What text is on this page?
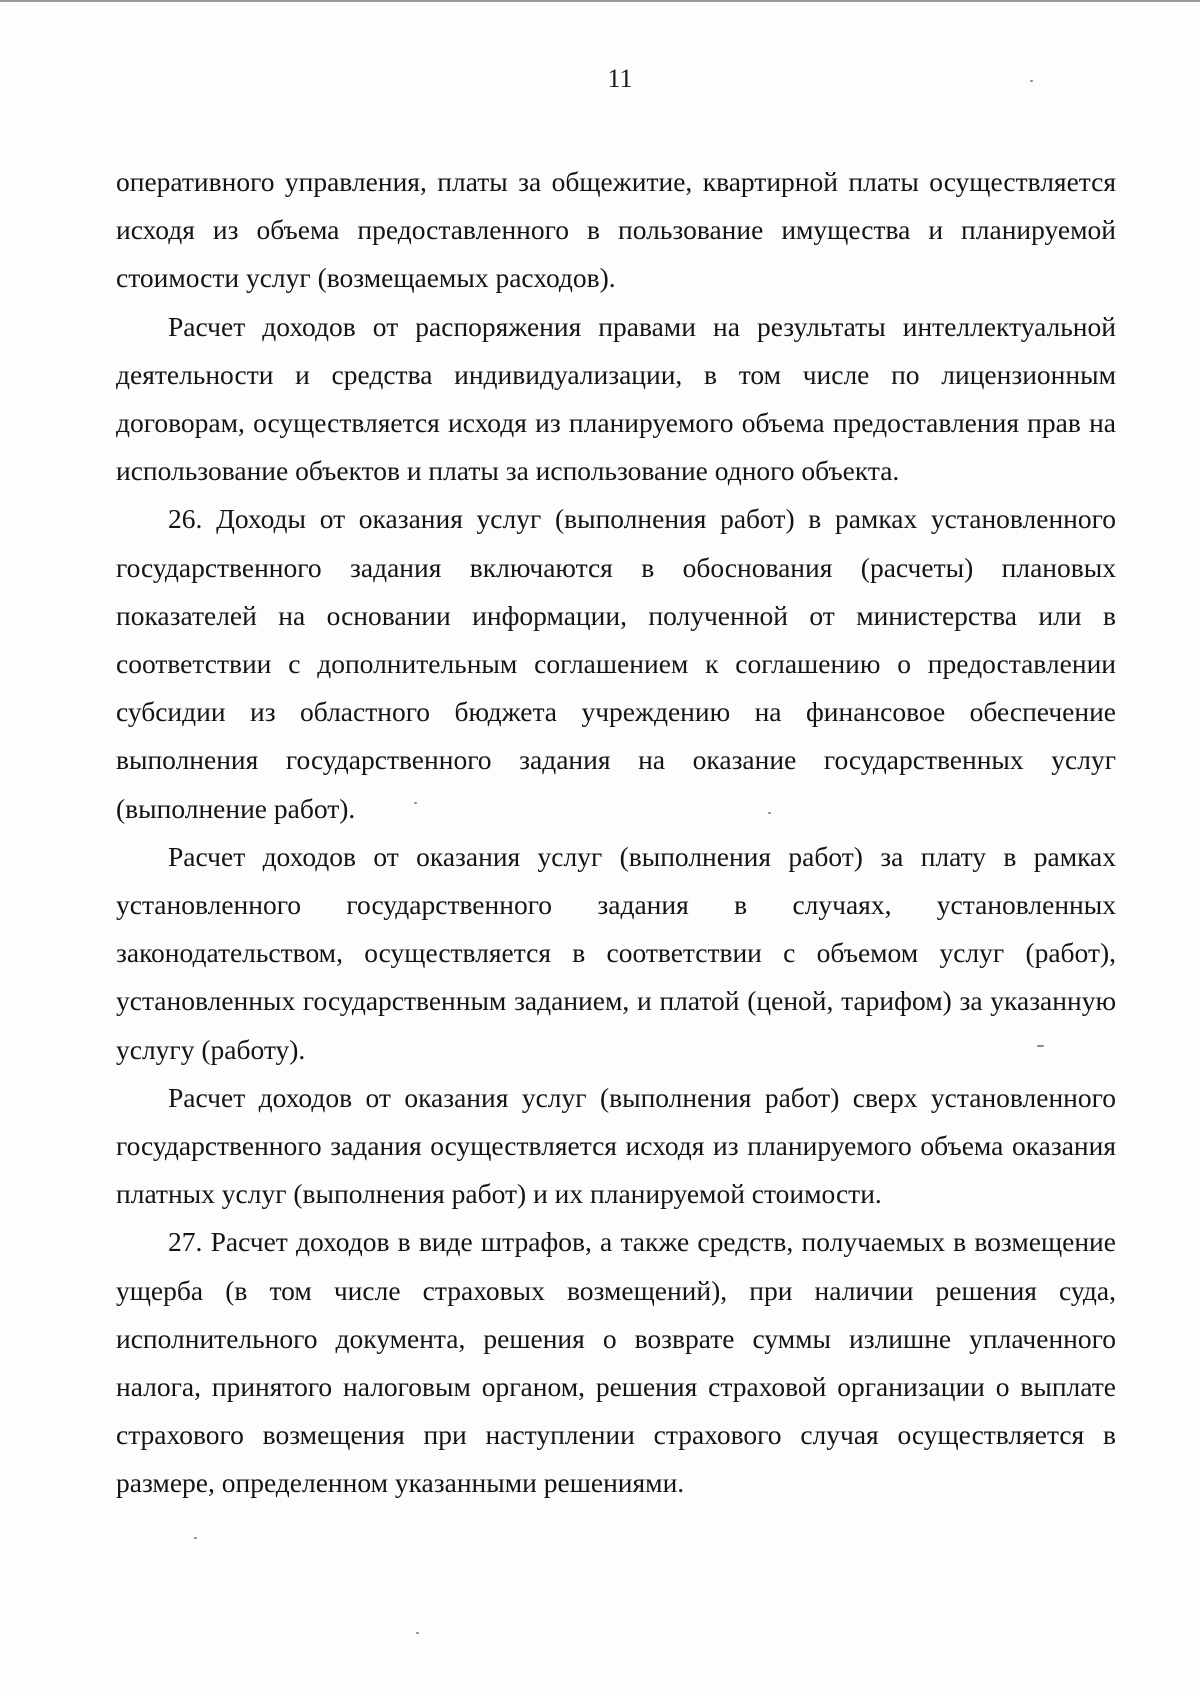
11

оперативного управления, платы за общежитие, квартирной платы осуществляется исходя из объема предоставленного в пользование имущества и планируемой стоимости услуг (возмещаемых расходов).

Расчет доходов от распоряжения правами на результаты интеллектуальной деятельности и средства индивидуализации, в том числе по лицензионным договорам, осуществляется исходя из планируемого объема предоставления прав на использование объектов и платы за использование одного объекта.

26. Доходы от оказания услуг (выполнения работ) в рамках установленного государственного задания включаются в обоснования (расчеты) плановых показателей на основании информации, полученной от министерства или в соответствии с дополнительным соглашением к соглашению о предоставлении субсидии из областного бюджета учреждению на финансовое обеспечение выполнения государственного задания на оказание государственных услуг (выполнение работ).

Расчет доходов от оказания услуг (выполнения работ) за плату в рамках установленного государственного задания в случаях, установленных законодательством, осуществляется в соответствии с объемом услуг (работ), установленных государственным заданием, и платой (ценой, тарифом) за указанную услугу (работу).

Расчет доходов от оказания услуг (выполнения работ) сверх установленного государственного задания осуществляется исходя из планируемого объема оказания платных услуг (выполнения работ) и их планируемой стоимости.

27. Расчет доходов в виде штрафов, а также средств, получаемых в возмещение ущерба (в том числе страховых возмещений), при наличии решения суда, исполнительного документа, решения о возврате суммы излишне уплаченного налога, принятого налоговым органом, решения страховой организации о выплате страхового возмещения при наступлении страхового случая осуществляется в размере, определенном указанными решениями.
